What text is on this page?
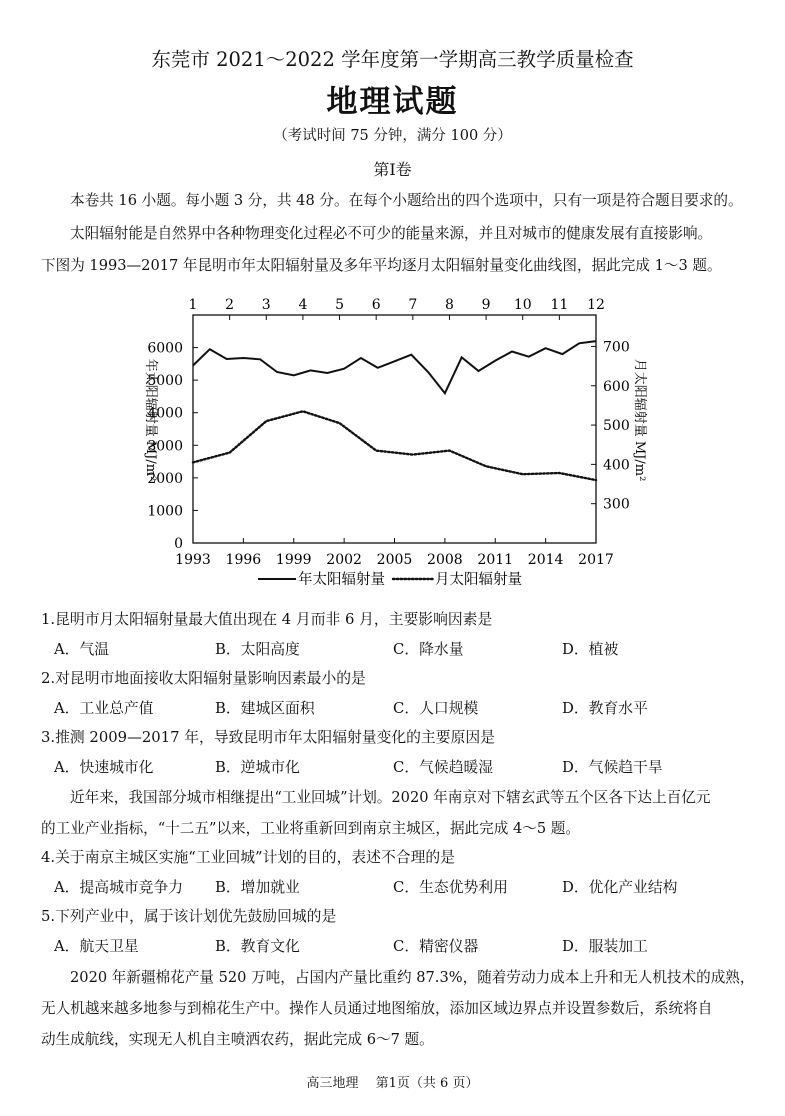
东莞市 2021～2022 学年度第一学期高三教学质量检查
地理试题
（考试时间 75 分钟，满分 100 分）
第Ⅰ卷
本卷共 16 小题。每小题 3 分，共 48 分。在每个小题给出的四个选项中，只有一项是符合题目要求的。
太阳辐射能是自然界中各种物理变化过程必不可少的能量来源，并且对城市的健康发展有直接影响。
下图为 1993—2017 年昆明市年太阳辐射量及多年平均逐月太阳辐射量变化曲线图，据此完成 1～3 题。
1 2 3 4 5 6 7 8 9 10 11 12
1993 1996 1999 2002 2005 2008 2011 2014 2017
0
1000
2000
3000
4000
5000
6000
300
400
500
600
700
年太阳辐射量 MJ/m²	月太阳辐射量 MJ/m²
年太阳辐射量	月太阳辐射量
1.昆明市月太阳辐射量最大值出现在 4 月而非 6 月，主要影响因素是
A．气温	B．太阳高度	C．降水量	D．植被
2.对昆明市地面接收太阳辐射量影响因素最小的是
A．工业总产值	B．建城区面积	C．人口规模	D．教育水平
3.推测 2009—2017 年，导致昆明市年太阳辐射量变化的主要原因是
A．快速城市化	B．逆城市化	C．气候趋暖湿	D．气候趋干旱
近年来，我国部分城市相继提出“工业回城”计划。2020 年南京对下辖玄武等五个区各下达上百亿元
的工业产业指标，“十二五”以来，工业将重新回到南京主城区，据此完成 4～5 题。
4.关于南京主城区实施“工业回城”计划的目的，表述不合理的是
A．提高城市竞争力 B．增加就业	C．生态优势利用	D．优化产业结构
5.下列产业中，属于该计划优先鼓励回城的是
A．航天卫星	B．教育文化	C．精密仪器	D．服装加工
2020 年新疆棉花产量 520 万吨，占国内产量比重约 87.3%，随着劳动力成本上升和无人机技术的成熟，
无人机越来越多地参与到棉花生产中。操作人员通过地图缩放，添加区域边界点并设置参数后，系统将自
动生成航线，实现无人机自主喷洒农药，据此完成 6～7 题。
高三地理　 第1页（共 6 页）
